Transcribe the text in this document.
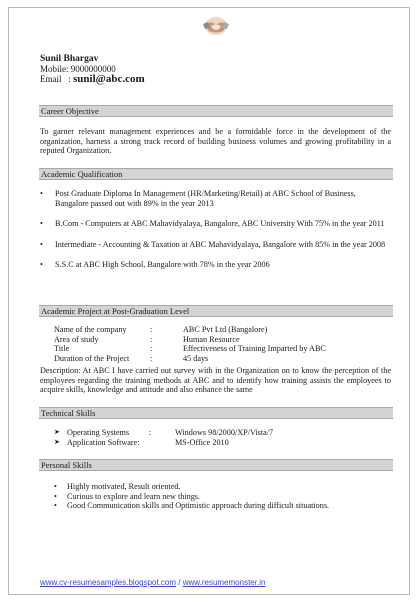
Sunil Bhargav
Mobile: 9000000000
Email   : sunil@abc.com
Career Objective
To garner relevant management experiences and be a formidable force in the development of the organization, harness a strong track record of building business volumes and growing profitability in a reputed Organization.
Academic Qualification
• Post Graduate Diploma In Management (HR/Marketing/Retail) at ABC School of Business, Bangalore passed out with 89% in the year 2013
• B.Com - Computers at ABC Mahavidyalaya, Bangalore, ABC University With 75% in the year 2011
• Intermediate - Accounting & Taxation at ABC Mahavidyalaya, Bangalore with 85% in the year 2008
• S.S.C at ABC High School, Bangalore with 78% in the year 2006
Academic Project at Post-Graduation Level
Name of the company	:	ABC Pvt Ltd (Bangalore)
Area of study	:	Human Resource
Title	:	Effectiveness of Training Imparted by ABC
Duration of the Project	:	45 days
Description: At ABC I have carried out survey with in the Organization on to know the perception of the employees regarding the training methods at ABC and to identify how training assists the employees to acquire skills, knowledge and attitude and also enhance the same
Technical Skills
➤ Operating Systems	:	Windows 98/2000/XP/Vista/7
➤ Application Software:	MS-Office 2010
Personal Skills
• Highly motivated, Result oriented.
• Curious to explore and learn new things.
• Good Communication skills and Optimistic approach during difficult situations.
www.cv-resumesamples.blogspot.com / www.resumemonster.in
